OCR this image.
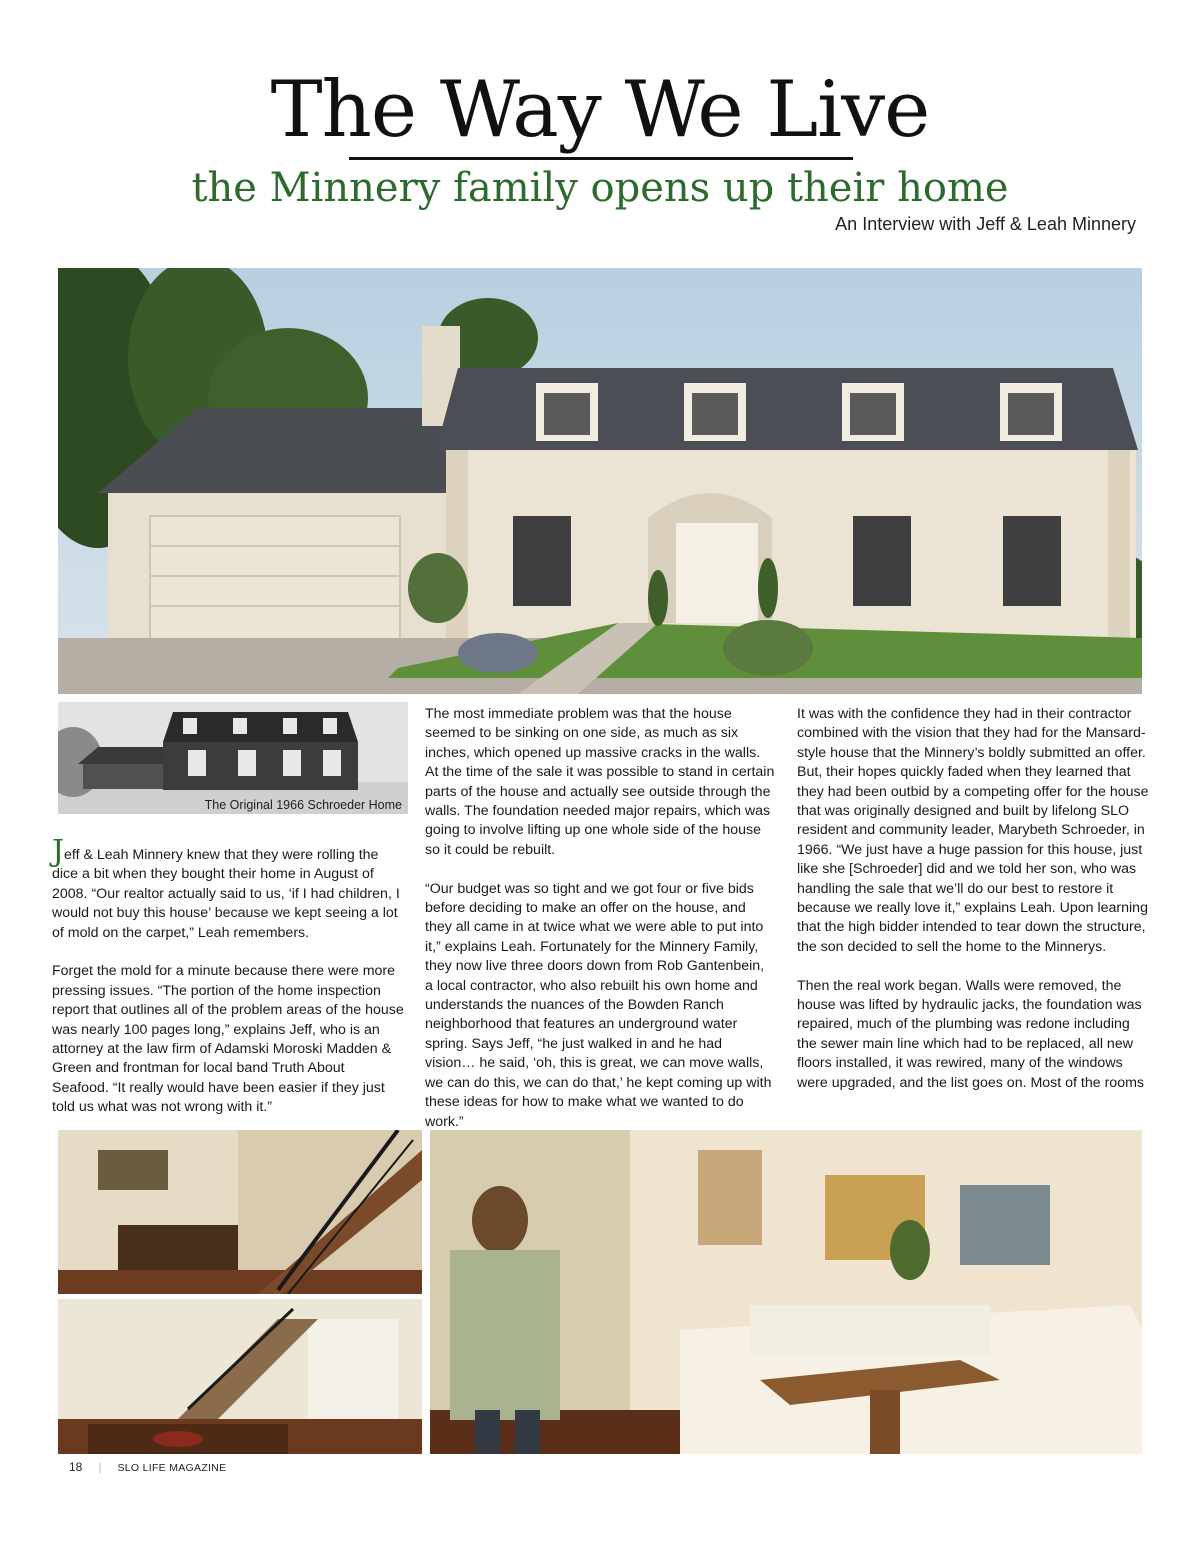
The Way We Live
the Minnery family opens up their home
An Interview with Jeff & Leah Minnery
The Original 1966 Schroeder Home

Jeff & Leah Minnery knew that they were rolling the dice a bit when they bought their home in August of 2008. “Our realtor actually said to us, ‘if I had children, I would not buy this house’ because we kept seeing a lot of mold on the carpet,” Leah remembers.

Forget the mold for a minute because there were more pressing issues. “The portion of the home inspection report that outlines all of the problem areas of the house was nearly 100 pages long,” explains Jeff, who is an attorney at the law firm of Adamski Moroski Madden & Green and frontman for local band Truth About Seafood. “It really would have been easier if they just told us what was not wrong with it.”

The most immediate problem was that the house seemed to be sinking on one side, as much as six inches, which opened up massive cracks in the walls. At the time of the sale it was possible to stand in certain parts of the house and actually see outside through the walls. The foundation needed major repairs, which was going to involve lifting up one whole side of the house so it could be rebuilt.

“Our budget was so tight and we got four or five bids before deciding to make an offer on the house, and they all came in at twice what we were able to put into it,” explains Leah. Fortunately for the Minnery Family, they now live three doors down from Rob Gantenbein, a local contractor, who also rebuilt his own home and understands the nuances of the Bowden Ranch neighborhood that features an underground water spring. Says Jeff, “he just walked in and he had vision… he said, ‘oh, this is great, we can move walls, we can do this, we can do that,’ he kept coming up with these ideas for how to make what we wanted to do work.”

It was with the confidence they had in their contractor combined with the vision that they had for the Mansard-style house that the Minnery’s boldly submitted an offer. But, their hopes quickly faded when they learned that they had been outbid by a competing offer for the house that was originally designed and built by lifelong SLO resident and community leader, Marybeth Schroeder, in 1966. “We just have a huge passion for this house, just like she [Schroeder] did and we told her son, who was handling the sale that we’ll do our best to restore it because we really love it,” explains Leah. Upon learning that the high bidder intended to tear down the structure, the son decided to sell the home to the Minnerys.

Then the real work began. Walls were removed, the house was lifted by hydraulic jacks, the foundation was repaired, much of the plumbing was redone including the sewer main line which had to be replaced, all new floors installed, it was rewired, many of the windows were upgraded, and the list goes on. Most of the rooms

18 | SLO LIFE MAGAZINE
